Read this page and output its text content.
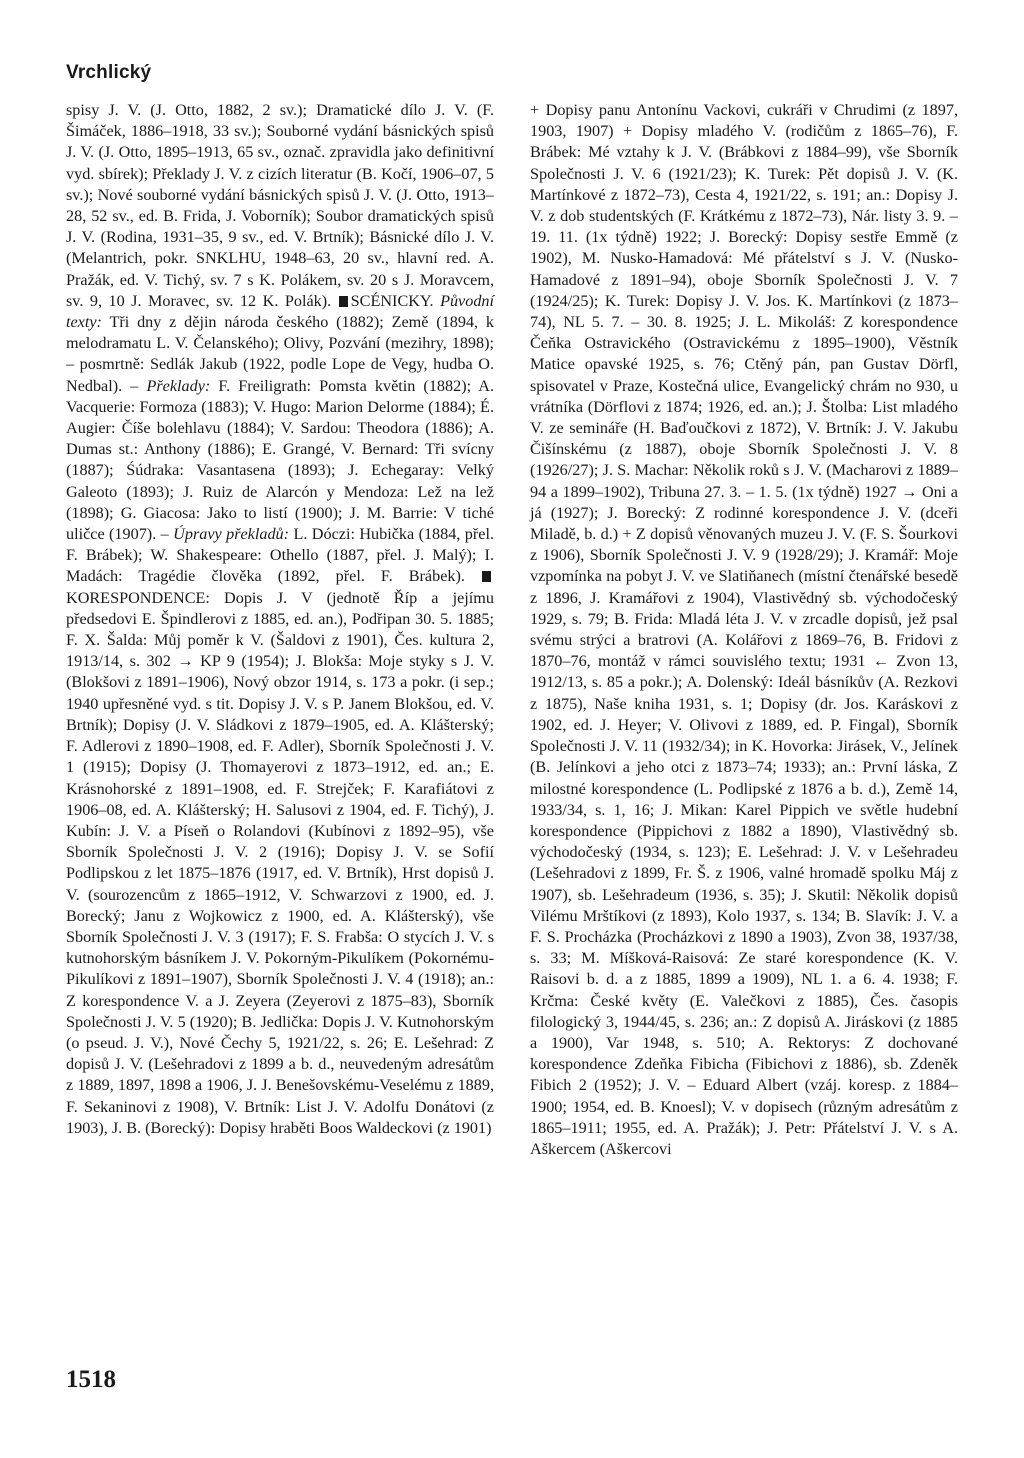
Vrchlický

spisy J. V. (J. Otto, 1882, 2 sv.); Dramatické dílo J. V. (F. Šimáček, 1886–1918, 33 sv.); Souborné vydání básnických spisů J. V. (J. Otto, 1895–1913, 65 sv., označ. zpravidla jako definitivní vyd. sbírek); Překlady J. V. z cizích literatur (B. Kočí, 1906–07, 5 sv.); Nové souborné vydání básnických spisů J. V. (J. Otto, 1913–28, 52 sv., ed. B. Frida, J. Voborník); Soubor dramatických spisů J. V. (Rodina, 1931–35, 9 sv., ed. V. Brtník); Básnické dílo J. V. (Melantrich, pokr. SNKLHU, 1948–63, 20 sv., hlavní red. A. Pražák, ed. V. Tichý, sv. 7 s K. Polákem, sv. 20 s J. Moravcem, sv. 9, 10 J. Moravec, sv. 12 K. Polák). SCÉNICKY. Původní texty: Tři dny z dějin národa českého (1882); Země (1894, k melodramatu L. V. Čelanského); Olivy, Pozvání (mezihry, 1898); – posmrtně: Sedlák Jakub (1922, podle Lope de Vegy, hudba O. Nedbal). – Překlady: F. Freiligrath: Pomsta květin (1882); A. Vacquerie: Formoza (1883); V. Hugo: Marion Delorme (1884); É. Augier: Číše bolehlavu (1884); V. Sardou: Theodora (1886); A. Dumas st.: Anthony (1886); E. Grangé, V. Bernard: Tři svícny (1887); Śúdraka: Vasantasena (1893); J. Echegaray: Velký Galeoto (1893); J. Ruiz de Alarcón y Mendoza: Lež na lež (1898); G. Giacosa: Jako to listí (1900); J. M. Barrie: V tiché uličce (1907). – Úpravy překladů: L. Dóczi: Hubička (1884, přel. F. Brábek); W. Shakespeare: Othello (1887, přel. J. Malý); I. Madách: Tragédie člověka (1892, přel. F. Brábek). KORESPONDENCE: Dopis J. V (jednotě Říp a jejímu předsedovi E. Špindlerovi z 1885, ed. an.), Podřipan 30. 5. 1885; F. X. Šalda: Můj poměr k V. (Šaldovi z 1901), Čes. kultura 2, 1913/14, s. 302 → KP 9 (1954); J. Blokša: Moje styky s J. V. (Blokšovi z 1891–1906), Nový obzor 1914, s. 173 a pokr. (i sep.; 1940 upřesněné vyd. s tit. Dopisy J. V. s P. Janem Blokšou, ed. V. Brtník); Dopisy (J. V. Sládkovi z 1879–1905, ed. A. Klášterský; F. Adlerovi z 1890–1908, ed. F. Adler), Sborník Společnosti J. V. 1 (1915); Dopisy (J. Thomayerovi z 1873–1912, ed. an.; E. Krásnohorské z 1891–1908, ed. F. Strejček; F. Karafiátovi z 1906–08, ed. A. Klášterský; H. Salusovi z 1904, ed. F. Tichý), J. Kubín: J. V. a Píseň o Rolandovi (Kubínovi z 1892–95), vše Sborník Společnosti J. V. 2 (1916); Dopisy J. V. se Sofií Podlipskou z let 1875–1876 (1917, ed. V. Brtník), Hrst dopisů J. V. (sourozencům z 1865–1912, V. Schwarzovi z 1900, ed. J. Borecký; Janu z Wojkowicz z 1900, ed. A. Klášterský), vše Sborník Společnosti J. V. 3 (1917); F. S. Frabša: O stycích J. V. s kutnohorským básníkem J. V. Pokorným-Pikulíkem (Pokornému-Pikulíkovi z 1891–1907), Sborník Společnosti J. V. 4 (1918); an.: Z korespondence V. a J. Zeyera (Zeyerovi z 1875–83), Sborník Společnosti J. V. 5 (1920); B. Jedlička: Dopis J. V. Kutnohorským (o pseud. J. V.), Nové Čechy 5, 1921/22, s. 26; E. Lešehrad: Z dopisů J. V. (Lešehradovi z 1899 a b. d., neuvedeným adresátům z 1889, 1897, 1898 a 1906, J. J. Benešovskému-Veselému z 1889, F. Sekaninovi z 1908), V. Brtník: List J. V. Adolfu Donátovi (z 1903), J. B. (Borecký): Dopisy hraběti Boos Waldeckovi (z 1901)

+ Dopisy panu Antonínu Vackovi, cukráři v Chrudimi (z 1897, 1903, 1907) + Dopisy mladého V. (rodičům z 1865–76), F. Brábek: Mé vztahy k J. V. (Brábkovi z 1884–99), vše Sborník Společnosti J. V. 6 (1921/23); K. Turek: Pět dopisů J. V. (K. Martínkové z 1872–73), Cesta 4, 1921/22, s. 191; an.: Dopisy J. V. z dob studentských (F. Krátkému z 1872–73), Nár. listy 3. 9. – 19. 11. (1x týdně) 1922; J. Borecký: Dopisy sestře Emmě (z 1902), M. Nusko-Hamadová: Mé přátelství s J. V. (Nusko-Hamadové z 1891–94), oboje Sborník Společnosti J. V. 7 (1924/25); K. Turek: Dopisy J. V. Jos. K. Martínkovi (z 1873–74), NL 5. 7. – 30. 8. 1925; J. L. Mikoláš: Z korespondence Čeňka Ostravického (Ostravickému z 1895–1900), Věstník Matice opavské 1925, s. 76; Ctěný pán, pan Gustav Dörfl, spisovatel v Praze, Kostečná ulice, Evangelický chrám no 930, u vrátníka (Dörflovi z 1874; 1926, ed. an.); J. Štolba: List mladého V. ze semináře (H. Baďoučkovi z 1872), V. Brtník: J. V. Jakubu Čišínskému (z 1887), oboje Sborník Společnosti J. V. 8 (1926/27); J. S. Machar: Několik roků s J. V. (Macharovi z 1889–94 a 1899–1902), Tribuna 27. 3. – 1. 5. (1x týdně) 1927 → Oni a já (1927); J. Borecký: Z rodinné korespondence J. V. (dceři Miladě, b. d.) + Z dopisů věnovaných muzeu J. V. (F. S. Šourkovi z 1906), Sborník Společnosti J. V. 9 (1928/29); J. Kramář: Moje vzpomínka na pobyt J. V. ve Slatiňanech (místní čtenářské besedě z 1896, J. Kramářovi z 1904), Vlastivědný sb. východočeský 1929, s. 79; B. Frida: Mladá léta J. V. v zrcadle dopisů, jež psal svému strýci a bratrovi (A. Kolářovi z 1869–76, B. Fridovi z 1870–76, montáž v rámci souvislého textu; 1931 ← Zvon 13, 1912/13, s. 85 a pokr.); A. Dolenský: Ideál básníkův (A. Rezkovi z 1875), Naše kniha 1931, s. 1; Dopisy (dr. Jos. Karáskovi z 1902, ed. J. Heyer; V. Olivovi z 1889, ed. P. Fingal), Sborník Společnosti J. V. 11 (1932/34); in K. Hovorka: Jirásek, V., Jelínek (B. Jelínkovi a jeho otci z 1873–74; 1933); an.: První láska, Z milostné korespondence (L. Podlipské z 1876 a b. d.), Země 14, 1933/34, s. 1, 16; J. Mikan: Karel Pippich ve světle hudební korespondence (Pippichovi z 1882 a 1890), Vlastivědný sb. východočeský (1934, s. 123); E. Lešehrad: J. V. v Lešehradeu (Lešehradovi z 1899, Fr. Š. z 1906, valné hromadě spolku Máj z 1907), sb. Lešehradeum (1936, s. 35); J. Skutil: Několik dopisů Vilému Mrštíkovi (z 1893), Kolo 1937, s. 134; B. Slavík: J. V. a F. S. Procházka (Procházkovi z 1890 a 1903), Zvon 38, 1937/38, s. 33; M. Míšková-Raisová: Ze staré korespondence (K. V. Raisovi b. d. a z 1885, 1899 a 1909), NL 1. a 6. 4. 1938; F. Krčma: České květy (E. Valečkovi z 1885), Čes. časopis filologický 3, 1944/45, s. 236; an.: Z dopisů A. Jiráskovi (z 1885 a 1900), Var 1948, s. 510; A. Rektorys: Z dochované korespondence Zdeňka Fibicha (Fibichovi z 1886), sb. Zdeněk Fibich 2 (1952); J. V. – Eduard Albert (vzáj. koresp. z 1884–1900; 1954, ed. B. Knoesl); V. v dopisech (různým adresátům z 1865–1911; 1955, ed. A. Pražák); J. Petr: Přátelství J. V. s A. Aškercem (Aškercovi

1518
